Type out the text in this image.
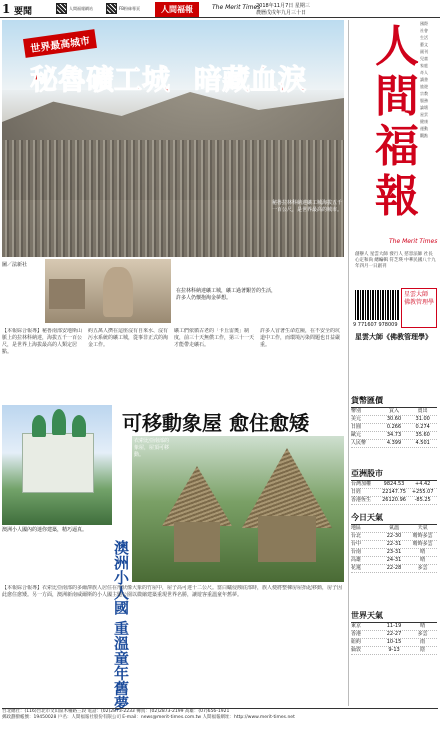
1 要聞	人間福報網站	FB粉絲專頁	人間福報	The Merit Times
2018年11月7日 星期三
農曆戊戌年九月三十日
秘魯拉林科納達礦工城海拔五千一百公尺，是世界最高的城市。
世界最高城市
秘魯礦工城 暗藏血淚
圖／法新社
在拉林科納達礦工城，礦工過著艱苦的生活，許多人仍懷抱淘金夢想。
【本報綜合報導】秘魯南部安地斯山脈上的拉林科納達，海拔五千一百公尺，是世界上海拔最高的人類定居點。
約五萬人擠在這座沒有自來水、沒有污水系統的礦工城，從事非正式的淘金工作。
礦工們依循古老的「卡丘雷奧」制度，前三十天無償工作，第三十一天才能帶走礦石。
許多人冒著生命危險，在不安全的坑道中工作，而環境污染問題也日益嚴重。
澳洲小人國內的迷你建築，精巧逼真。
可移動象屋 愈住愈矮
衣索比亞南部的象屋，屋頂可移動。
澳洲小人國 重溫童年舊夢
【本報綜合報導】衣索比亞南部的多爾澤族人居住在形狀像大象的竹屋中，屋子高可達十二公尺。當白蟻侵蝕底部時，族人便將整棟房屋抬起移動，房子因此愈住愈矮。另一方面，澳洲新南威爾斯的小人國主題公園以微縮建築重現世界名勝，讓遊客重溫童年舊夢。
台北總社：(116)台北市文山區木柵路三段 電話：(02)2873-2233 傳真：(02)2873-2199 高雄：(07)656-1921
郵政劃撥帳號：19450028 戶名：人間福報社股份有限公司 E-mail：news@merit-times.com.tw 人間福報網址：http://www.merit-times.net
人間福報
The Merit Times
創辦人 星雲大師 發行人 慈容法師 社長 心定和尚 總編輯 符芝瑛 中華民國八十九年四月一日創刊
9 771607 978009
星雲大師 佛教管理學
星雲大師《佛教管理學》
貨幣匯價
幣別	買入	賣出
美元	30.60	31.00
日圓	0.266	0.274
歐元	34.73	35.60
人民幣	4.399	4.501
亞洲股市
台灣加權	9824.53	+4.42
日經	22147.75	+255.07
香港恆生	26120.96	-85.25
今日天氣
地區	氣溫	天氣
台北	22-30	晴時多雲
台中	22-31	晴時多雲
台南	23-31	晴
高雄	24-31	晴
花蓮	22-28	多雲
世界天氣
東京	11-19	晴
香港	22-27	多雲
紐約	10-15	雨
倫敦	9-13	陰
國際
社會
生活
藝文
副刊
兒童
家庭
奇人
讀書
旅遊
宗教
服務
論壇
星雲
健康
運動
觀點
